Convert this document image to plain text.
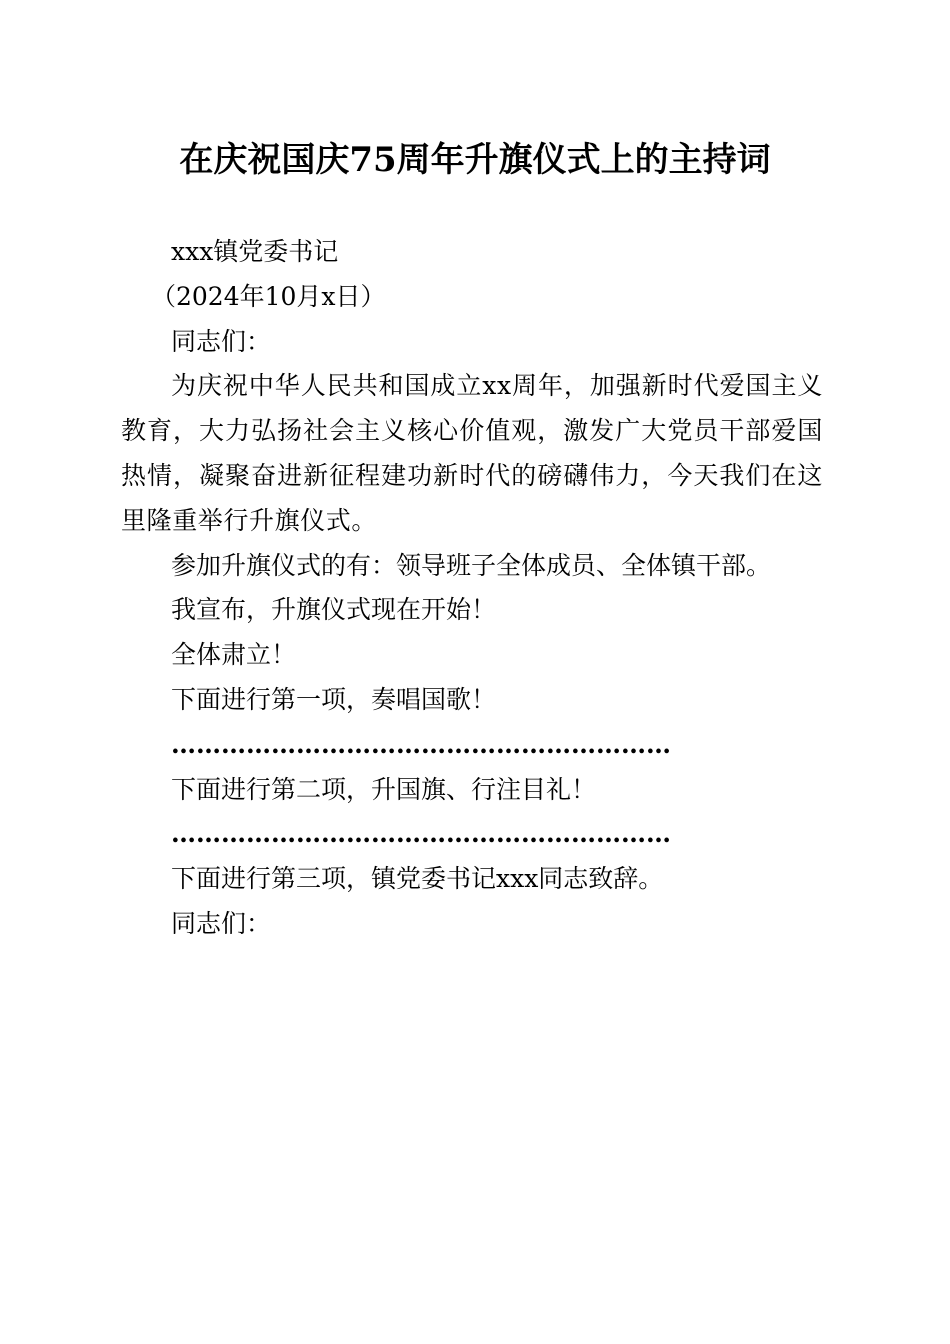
在庆祝国庆75周年升旗仪式上的主持词

xxx镇党委书记

（2024年10月x日）

同志们：

为庆祝中华人民共和国成立xx周年，加强新时代爱国主义教育，大力弘扬社会主义核心价值观，激发广大党员干部爱国热情，凝聚奋进新征程建功新时代的磅礴伟力，今天我们在这里隆重举行升旗仪式。

参加升旗仪式的有：领导班子全体成员、全体镇干部。

我宣布，升旗仪式现在开始！

全体肃立！

下面进行第一项，奏唱国歌！

……………………………………………………

下面进行第二项，升国旗、行注目礼！

……………………………………………………

下面进行第三项，镇党委书记xxx同志致辞。

同志们：
